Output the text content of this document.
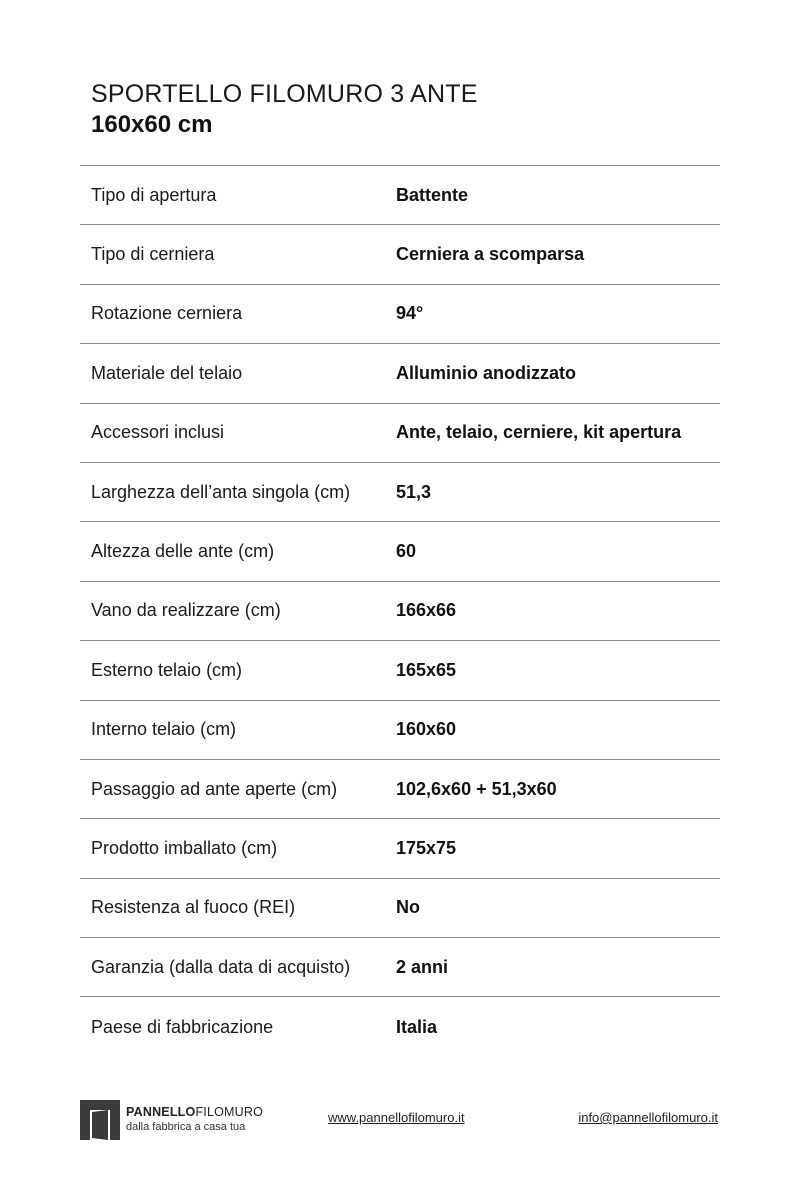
SPORTELLO FILOMURO 3 ANTE
160x60 cm
Tipo di apertura	Battente
Tipo di cerniera	Cerniera a scomparsa
Rotazione cerniera	94°
Materiale del telaio	Alluminio anodizzato
Accessori inclusi	Ante, telaio, cerniere, kit apertura
Larghezza dell’anta singola (cm)	51,3
Altezza delle ante (cm)	60
Vano da realizzare (cm)	166x66
Esterno telaio (cm)	165x65
Interno telaio (cm)	160x60
Passaggio ad ante aperte (cm)	102,6x60 + 51,3x60
Prodotto imballato (cm)	175x75
Resistenza al fuoco (REI)	No
Garanzia (dalla data di acquisto)	2 anni
Paese di fabbricazione	Italia
PANNELLOFILOMURO
dalla fabbrica a casa tua
www.pannellofilomuro.it	info@pannellofilomuro.it
